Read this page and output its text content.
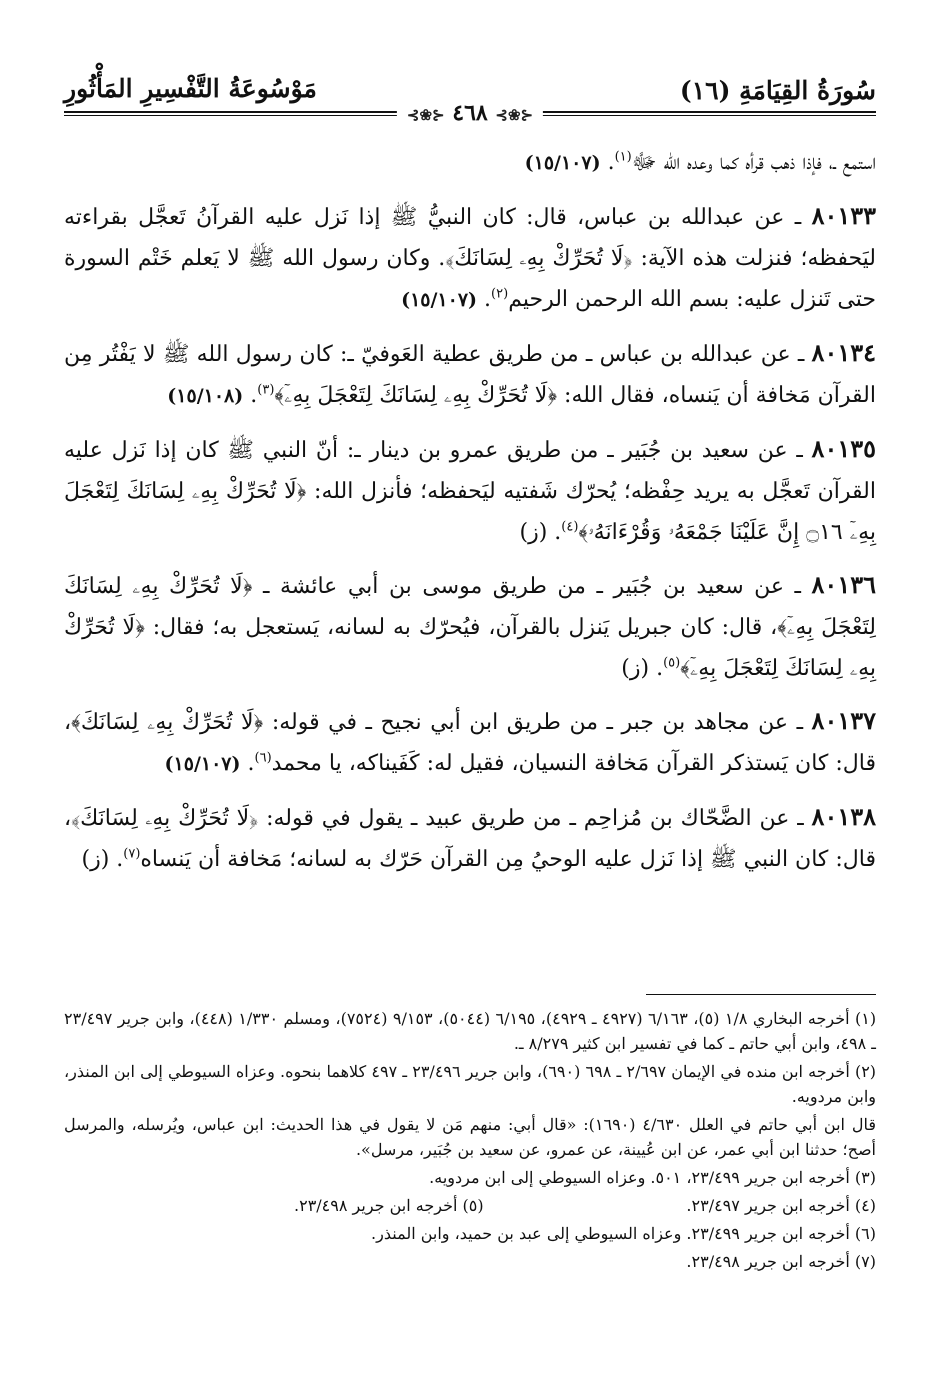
سُورَةُ القِيَامَةِ (١٦)
مَوْسُوعَةُ التَّفْسِيرِ المَأْثُورِ
⊰❀⊱ ٤٦٨ ⊰❀⊱

استمع ـ، فإذا ذهب قرأه كما وعده الله ﷻ$^{(١)}$. (١٥/١٠٧)

٨٠١٣٣ ـ عن عبدالله بن عباس، قال: كان النبيُّ ﷺ إذا نَزل عليه القرآنُ تَعجَّل بقراءته ليَحفظه؛ فنزلت هذه الآية: ﴿لَا تُحَرِّكْ بِهِۦ لِسَانَكَ﴾. وكان رسول الله ﷺ لا يَعلم خَتْم السورة حتى تَنزل عليه: بسم الله الرحمن الرحيم$^{(٢)}$. (١٥/١٠٧)

٨٠١٣٤ ـ عن عبدالله بن عباس ـ من طريق عطية العَوفيّ ـ: كان رسول الله ﷺ لا يَفْتُر مِن القرآن مَخافة أن يَنساه، فقال الله: ﴿لَا تُحَرِّكْ بِهِۦ لِسَانَكَ لِتَعْجَلَ بِهِۦٓ﴾$^{(٣)}$. (١٥/١٠٨)

٨٠١٣٥ ـ عن سعيد بن جُبَير ـ من طريق عمرو بن دينار ـ: أنّ النبي ﷺ كان إذا نَزل عليه القرآن تَعجَّل به يريد حِفْظه؛ يُحرّك شَفتيه ليَحفظه؛ فأنزل الله: ﴿لَا تُحَرِّكْ بِهِۦ لِسَانَكَ لِتَعْجَلَ بِهِۦٓ ۝١٦ إِنَّ عَلَيْنَا جَمْعَهُۥ وَقُرْءَانَهُۥ﴾$^{(٤)}$. (ز)

٨٠١٣٦ ـ عن سعيد بن جُبَير ـ من طريق موسى بن أبي عائشة ـ ﴿لَا تُحَرِّكْ بِهِۦ لِسَانَكَ لِتَعْجَلَ بِهِۦٓ﴾، قال: كان جبريل يَنزل بالقرآن، فيُحرّك به لسانه، يَستعجل به؛ فقال: ﴿لَا تُحَرِّكْ بِهِۦ لِسَانَكَ لِتَعْجَلَ بِهِۦٓ﴾$^{(٥)}$. (ز)

٨٠١٣٧ ـ عن مجاهد بن جبر ـ من طريق ابن أبي نجيح ـ في قوله: ﴿لَا تُحَرِّكْ بِهِۦ لِسَانَكَ﴾، قال: كان يَستذكر القرآن مَخافة النسيان، فقيل له: كَفَيناكه، يا محمد$^{(٦)}$. (١٥/١٠٧)

٨٠١٣٨ ـ عن الضَّحّاك بن مُزاحِم ـ من طريق عبيد ـ يقول في قوله: ﴿لَا تُحَرِّكْ بِهِۦ لِسَانَكَ﴾، قال: كان النبي ﷺ إذا نَزل عليه الوحيُ مِن القرآن حَرّك به لسانه؛ مَخافة أن يَنساه$^{(٧)}$. (ز)

(١) أخرجه البخاري ١/٨ (٥)، ٦/١٦٣ (٤٩٢٧ ـ ٤٩٢٩)، ٦/١٩٥ (٥٠٤٤)، ٩/١٥٣ (٧٥٢٤)، ومسلم ١/٣٣٠ (٤٤٨)، وابن جرير ٢٣/٤٩٧ ـ ٤٩٨، وابن أبي حاتم ـ كما في تفسير ابن كثير ٨/٢٧٩ ـ.

(٢) أخرجه ابن منده في الإيمان ٢/٦٩٧ ـ ٦٩٨ (٦٩٠)، وابن جرير ٢٣/٤٩٦ ـ ٤٩٧ كلاهما بنحوه. وعزاه السيوطي إلى ابن المنذر، وابن مردويه.

قال ابن أبي حاتم في العلل ٤/٦٣٠ (١٦٩٠): «قال أبي: منهم مَن لا يقول في هذا الحديث: ابن عباس، ويُرسله، والمرسل أصح؛ حدثنا ابن أبي عمر، عن ابن عُيينة، عن عمرو، عن سعيد بن جُبَير، مرسل».

(٣) أخرجه ابن جرير ٢٣/٤٩٩، ٥٠١. وعزاه السيوطي إلى ابن مردويه.

(٤) أخرجه ابن جرير ٢٣/٤٩٧.
(٥) أخرجه ابن جرير ٢٣/٤٩٨.

(٦) أخرجه ابن جرير ٢٣/٤٩٩. وعزاه السيوطي إلى عبد بن حميد، وابن المنذر.

(٧) أخرجه ابن جرير ٢٣/٤٩٨.
